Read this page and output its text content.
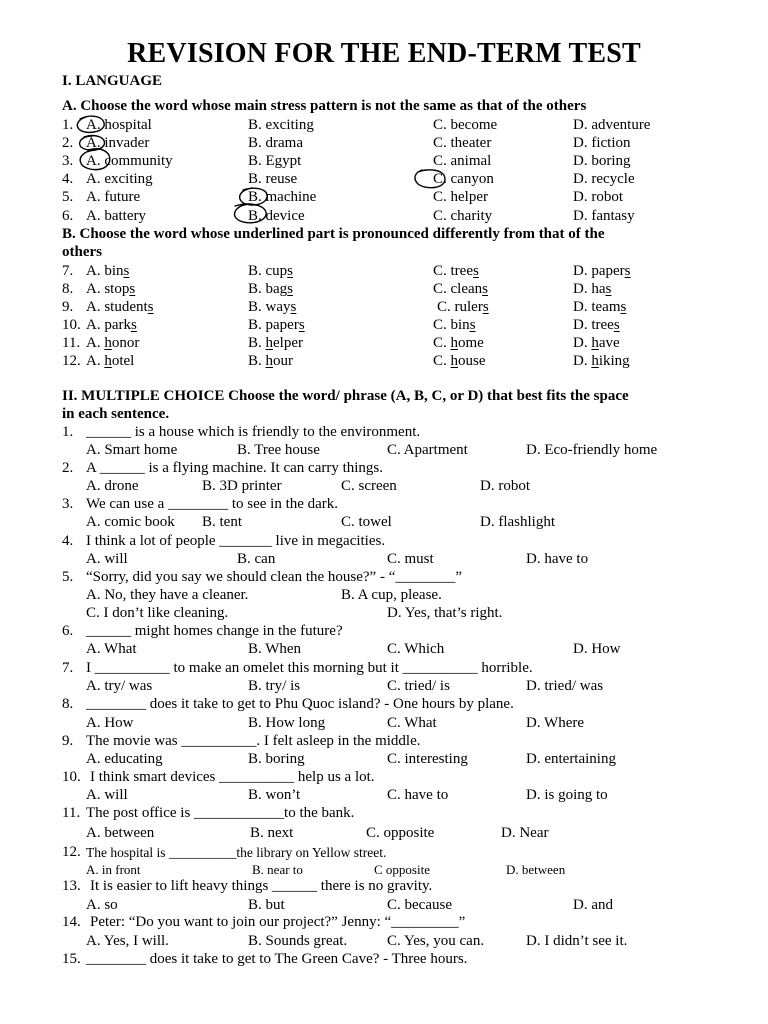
REVISION FOR THE END-TERM TEST
I. LANGUAGE
A. Choose the word whose main stress pattern is not the same as that of the others
1. A. hospital	B. exciting	C. become	D. adventure
2. A. invader	B. drama	C. theater	D. fiction
3. A. community	B. Egypt	C. animal	D. boring
4. A. exciting	B. reuse	C. canyon	D. recycle
5. A. future	B. machine	C. helper	D. robot
6. A. battery	B. device	C. charity	D. fantasy
B. Choose the word whose underlined part is pronounced differently from that of the
others
7. A. bins	B. cups	C. trees	D. papers
8. A. stops	B. bags	C. cleans	D. has
9. A. students	B. ways	C. rulers	D. teams
10. A. parks	B. papers	C. bins	D. trees
11. A. honor	B. helper	C. home	D. have
12. A. hotel	B. hour	C. house	D. hiking
II. MULTIPLE CHOICE Choose the word/ phrase (A, B, C, or D) that best fits the space
in each sentence.
1. ______ is a house which is friendly to the environment.
A. Smart home	B. Tree house	C. Apartment	D. Eco-friendly home
2. A ______ is a flying machine. It can carry things.
A. drone	B. 3D printer	C. screen	D. robot
3. We can use a ________ to see in the dark.
A. comic book B. tent	C. towel	D. flashlight
4. I think a lot of people _______ live in megacities.
A. will	B. can	C. must	D. have to
5. “Sorry, did you say we should clean the house?” - “________”
A. No, they have a cleaner.	B. A cup, please.
C. I don’t like cleaning.	D. Yes, that’s right.
6. ______ might homes change in the future?
A. What	B. When	C. Which	D. How
7. I __________ to make an omelet this morning but it __________ horrible.
A. try/ was	B. try/ is	C. tried/ is	D. tried/ was
8. ________ does it take to get to Phu Quoc island? - One hours by plane.
A. How	B. How long	C. What	D. Where
9. The movie was __________. I felt asleep in the middle.
A. educating	B. boring	C. interesting	D. entertaining
10. I think smart devices __________ help us a lot.
A. will	B. won’t	C. have to	D. is going to
11. The post office is ____________to the bank.
A. between	B. next	C. opposite	D. Near
12. The hospital is __________the library on Yellow street.
A. in front	B. near to	C opposite	D. between
13. It is easier to lift heavy things ______ there is no gravity.
A. so	B. but	C. because	D. and
14. Peter: “Do you want to join our project?” Jenny: “_________”
A. Yes, I will.	B. Sounds great.	C. Yes, you can.	D. I didn’t see it.
15. ________ does it take to get to The Green Cave? - Three hours.
